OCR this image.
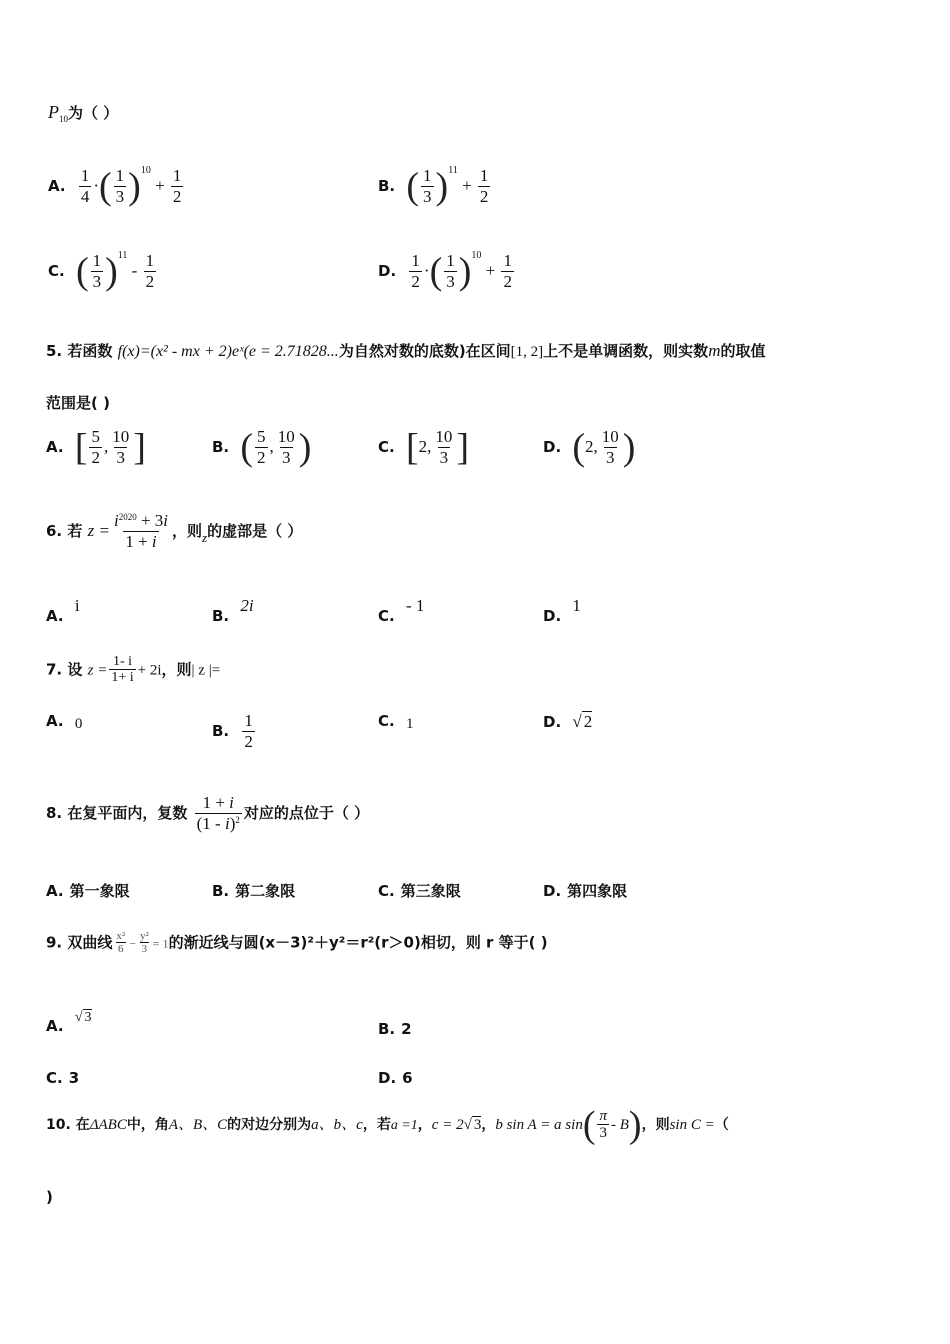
$P_{10}$为（ ）
A. $\frac{1}{4}$ ·( $\frac{1}{3} )^{10} + \frac{1}{2}$	B. ( $\frac{1}{3} )^{11} + \frac{1}{2}$
C. ( $\frac{1}{3} )^{11} - \frac{1}{2}$	D. $\frac{1}{2}$ ·( $\frac{1}{3} )^{10} + \frac{1}{2}$
5. 若函数 f(x)=(x² - mx + 2)eˣ(e = 2.71828...为自然对数的底数)在区间[1, 2]上不是单调函数，则实数m的取值
范围是( )
A. [ $\frac{5}{2}$ , $\frac{10}{3}$ ]	B. ( $\frac{5}{2}$ , $\frac{10}{3}$ )	C. [2, $\frac{10}{3}$ ]	D. (2, $\frac{10}{3}$ )
6. 若 $z = \frac{i^{2020} + 3i}{1 + i}$ ，则z的虚部是（ ）
A. i
B. 2i
C. - 1
D. 1
7. 设 $z = \frac{1- i}{1+ i} + 2i$，则| z |=
A. 0	B. $\frac{1}{2}$	C. 1	D. √ 2
8. 在复平面内，复数 $\frac{1 + i}{(1 - i)^2}$ 对应的点位于（ ）
A. 第一象限	B. 第二象限	C. 第三象限	D. 第四象限
9. 双曲线 $\frac{\text{x²}}{6} - \frac{\text{y²}}{3} = 1$的渐近线与圆(x－3)²＋y²＝r²(r＞0)相切，则 r 等于( )
A. √ 3
B. 2
C. 3	D. 6
10. 在ΔABC中，角A、B、C的对边分别为a、b、c，若a =1，c = 2√ 3，b sin A = a $\sin( \frac{\pi}{3} - B)$，则sin C =（
)
